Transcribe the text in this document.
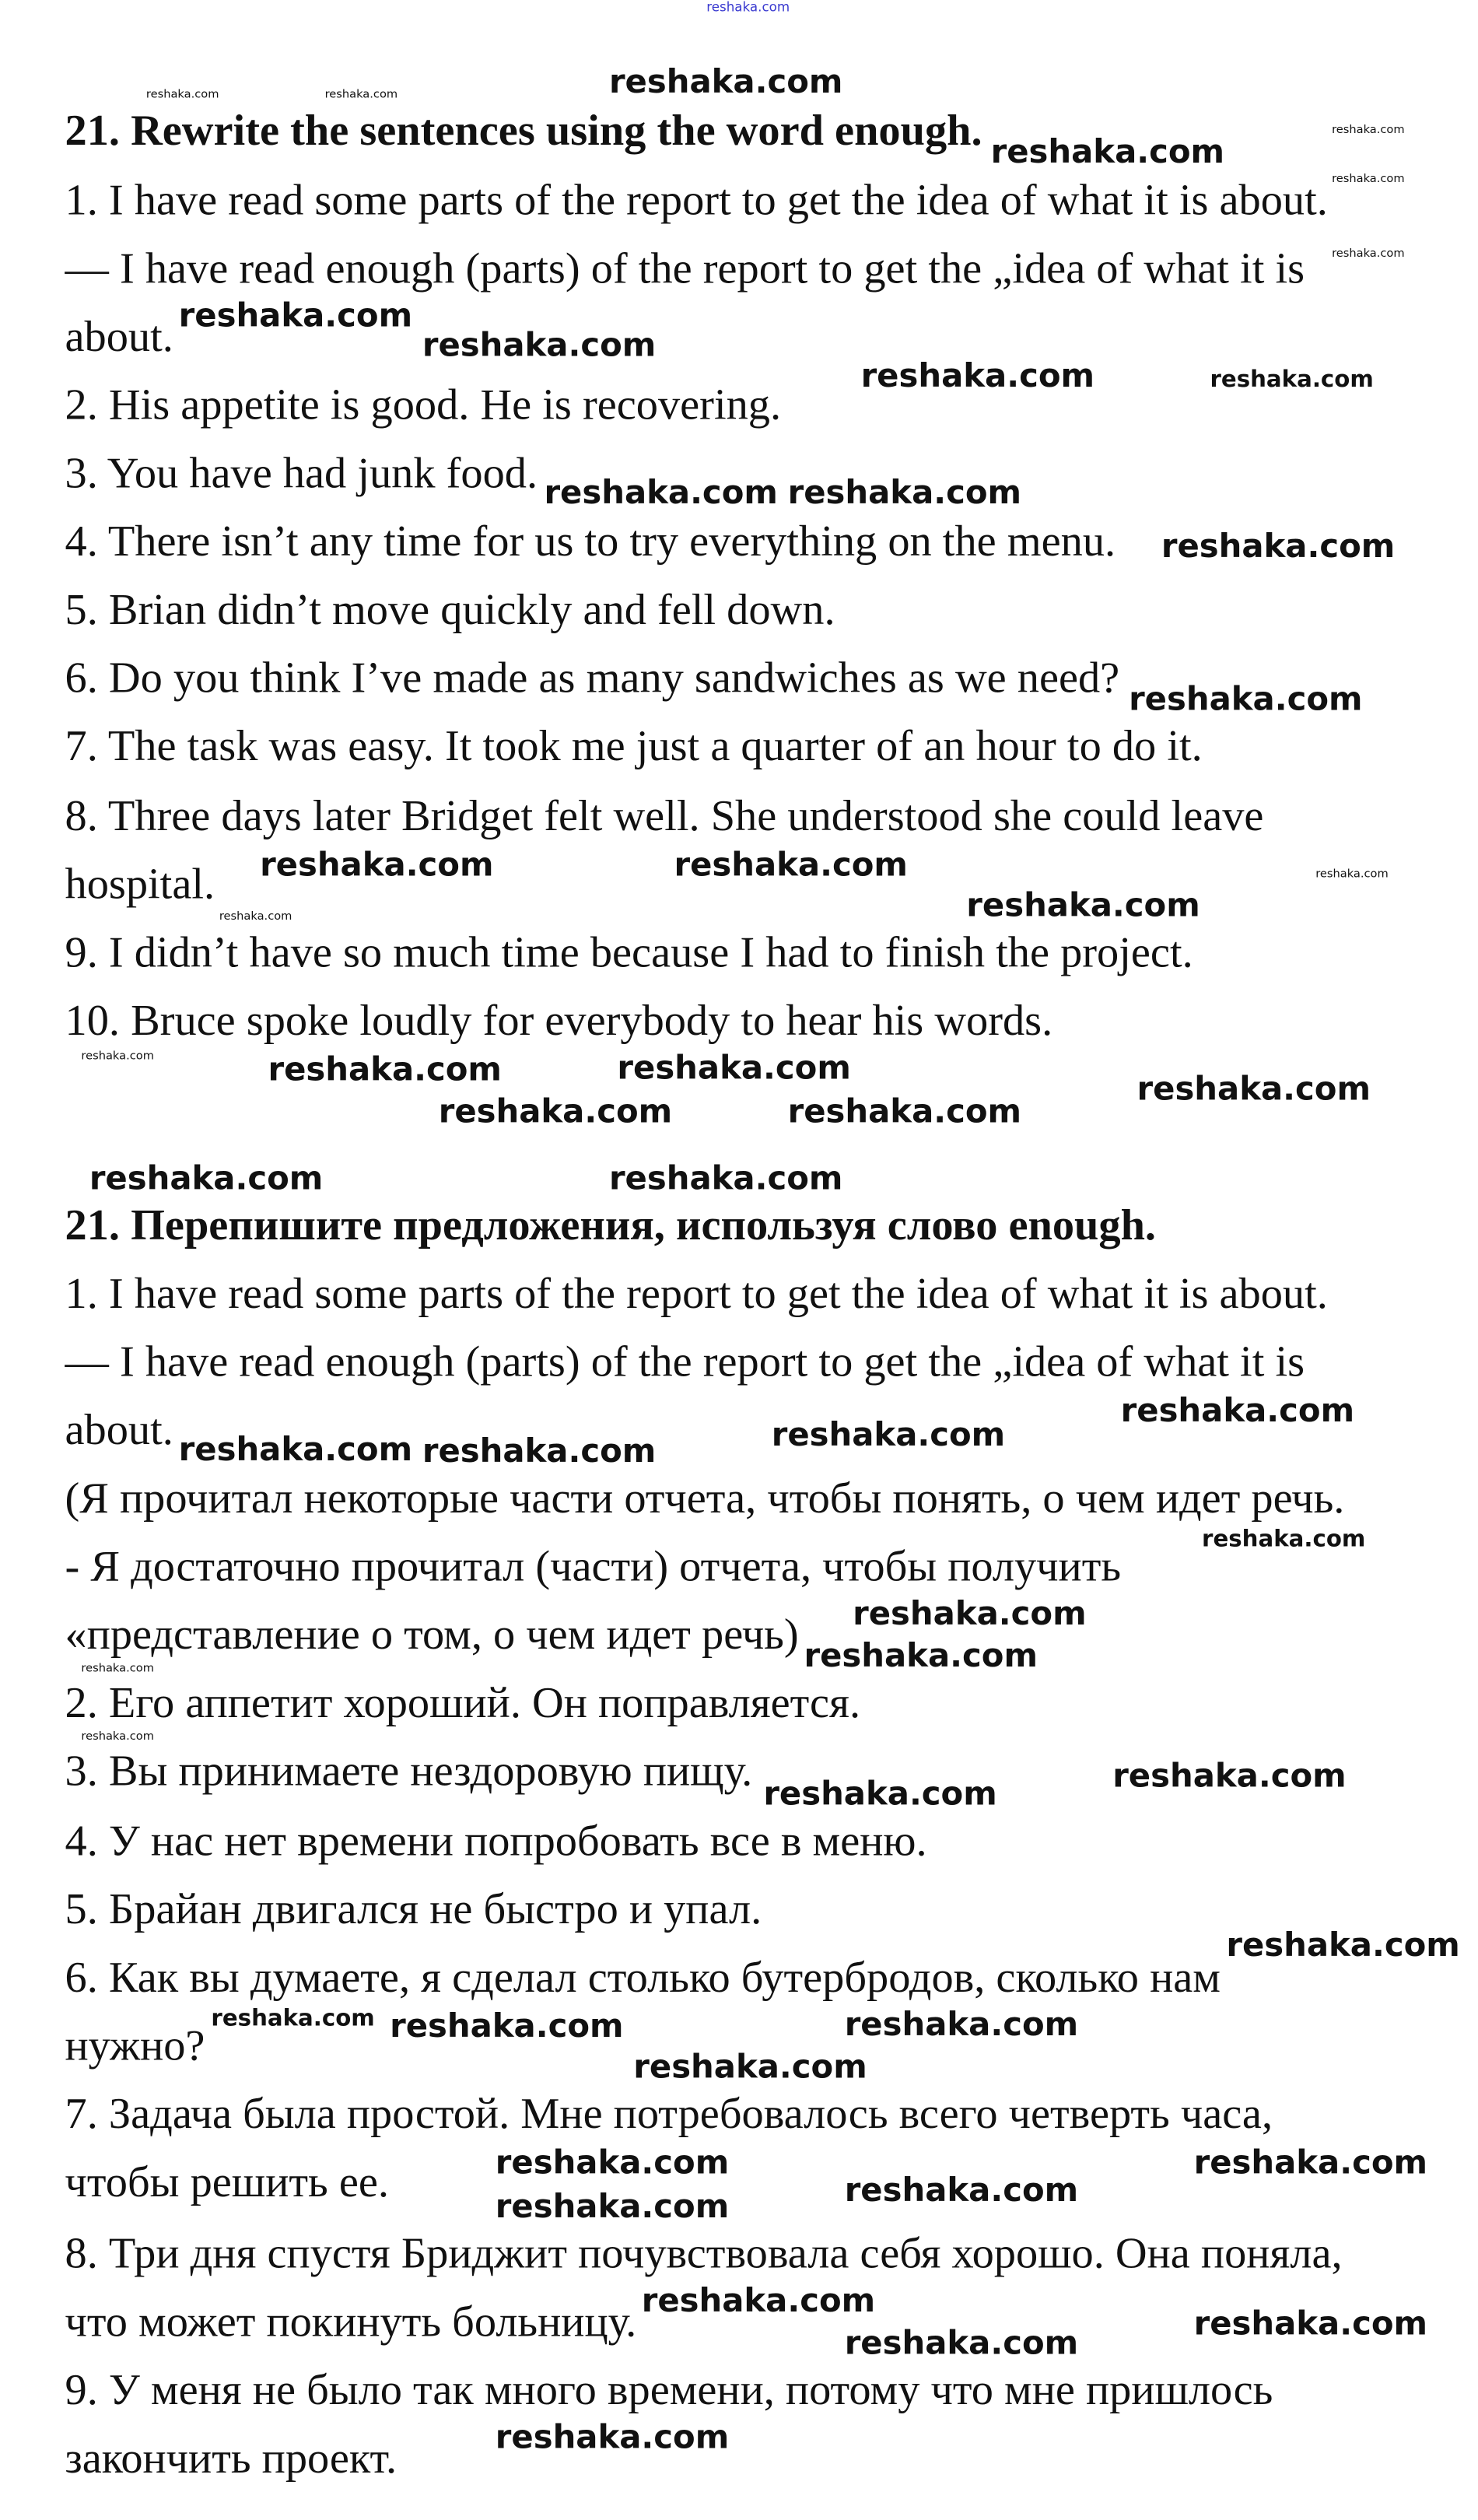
21. Rewrite the sentences using the word enough.
1. I have read some parts of the report to get the idea of what it is about.
— I have read enough (parts) of the report to get the „idea of what it is
about.
2. His appetite is good. He is recovering.
3. You have had junk food.
4. There isn’t any time for us to try everything on the menu.
5. Brian didn’t move quickly and fell down.
6. Do you think I’ve made as many sandwiches as we need?
7. The task was easy. It took me just a quarter of an hour to do it.
8. Three days later Bridget felt well. She understood she could leave
hospital.
9. I didn’t have so much time because I had to finish the project.
10. Bruce spoke loudly for everybody to hear his words.
21. Перепишите предложения, используя слово enough.
1. I have read some parts of the report to get the idea of what it is about.
— I have read enough (parts) of the report to get the „idea of what it is
about.
(Я прочитал некоторые части отчета, чтобы понять, о чем идет речь.
- Я достаточно прочитал (части) отчета, чтобы получить
«представление о том, о чем идет речь)
2. Его аппетит хороший. Он поправляется.
3. Вы принимаете нездоровую пищу.
4. У нас нет времени попробовать все в меню.
5. Брайан двигался не быстро и упал.
6. Как вы думаете, я сделал столько бутербродов, сколько нам
нужно?
7. Задача была простой. Мне потребовалось всего четверть часа,
чтобы решить ее.
8. Три дня спустя Бриджит почувствовала себя хорошо. Она поняла,
что может покинуть больницу.
9. У меня не было так много времени, потому что мне пришлось
закончить проект.
reshaka.com
reshaka.com	reshaka.com
reshaka.com
reshaka.com
reshaka.com
reshaka.com
reshaka.com
reshaka.com
reshaka.com
reshaka.com
reshaka.com
reshaka.com
reshaka.com
reshaka.com
reshaka.com	reshaka.com
reshaka.com reshaka.com
reshaka.com
reshaka.com	reshaka.com
reshaka.com
reshaka.com	reshaka.com
reshaka.com
reshaka.com	reshaka.com
reshaka.com
reshaka.com	reshaka.com
reshaka.com
reshaka.com
reshaka.com reshaka.com
reshaka.com
reshaka.com
reshaka.com
reshaka.com
reshaka.com
reshaka.com reshaka.com
reshaka.com
reshaka.com
reshaka.com
reshaka.com
reshaka.com
reshaka.com
reshaka.com
reshaka.com
reshaka.com
reshaka.com
reshaka.com
